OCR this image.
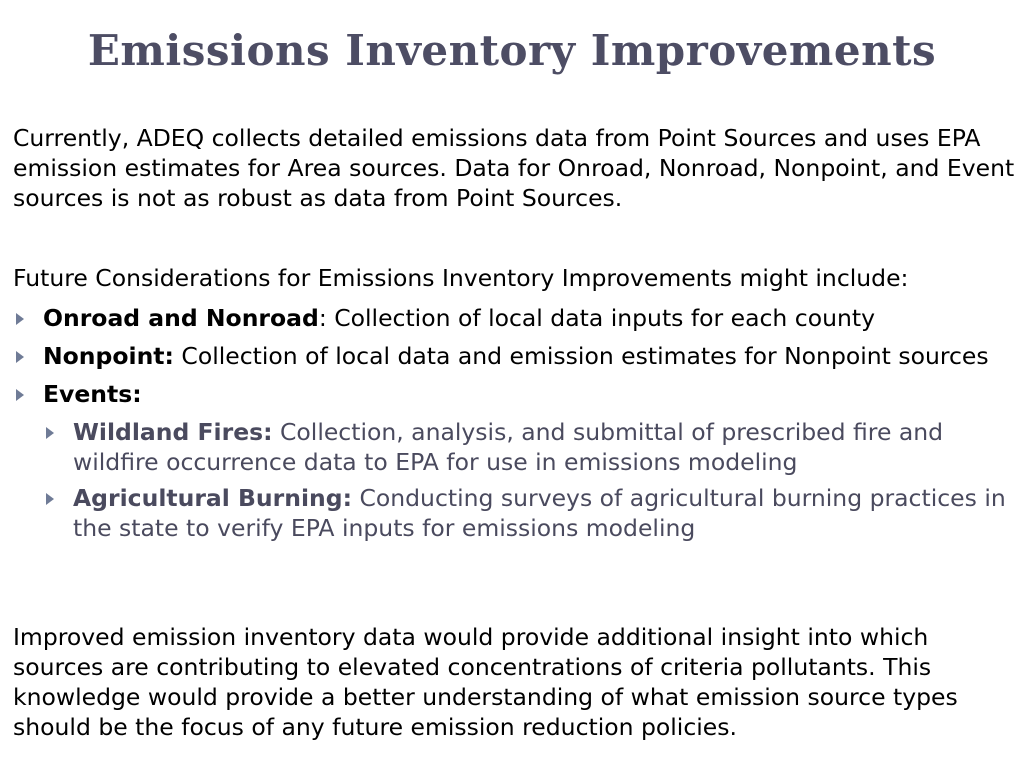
Emissions Inventory Improvements
Currently, ADEQ collects detailed emissions data from Point Sources and uses EPA emission estimates for Area sources. Data for Onroad, Nonroad, Nonpoint, and Event sources is not as robust as data from Point Sources.
Future Considerations for Emissions Inventory Improvements might include:
Onroad and Nonroad: Collection of local data inputs for each county
Nonpoint: Collection of local data and emission estimates for Nonpoint sources
Events:
Wildland Fires: Collection, analysis, and submittal of prescribed fire and wildfire occurrence data to EPA for use in emissions modeling
Agricultural Burning: Conducting surveys of agricultural burning practices in the state to verify EPA inputs for emissions modeling
Improved emission inventory data would provide additional insight into which sources are contributing to elevated concentrations of criteria pollutants. This knowledge would provide a better understanding of what emission source types should be the focus of any future emission reduction policies.
